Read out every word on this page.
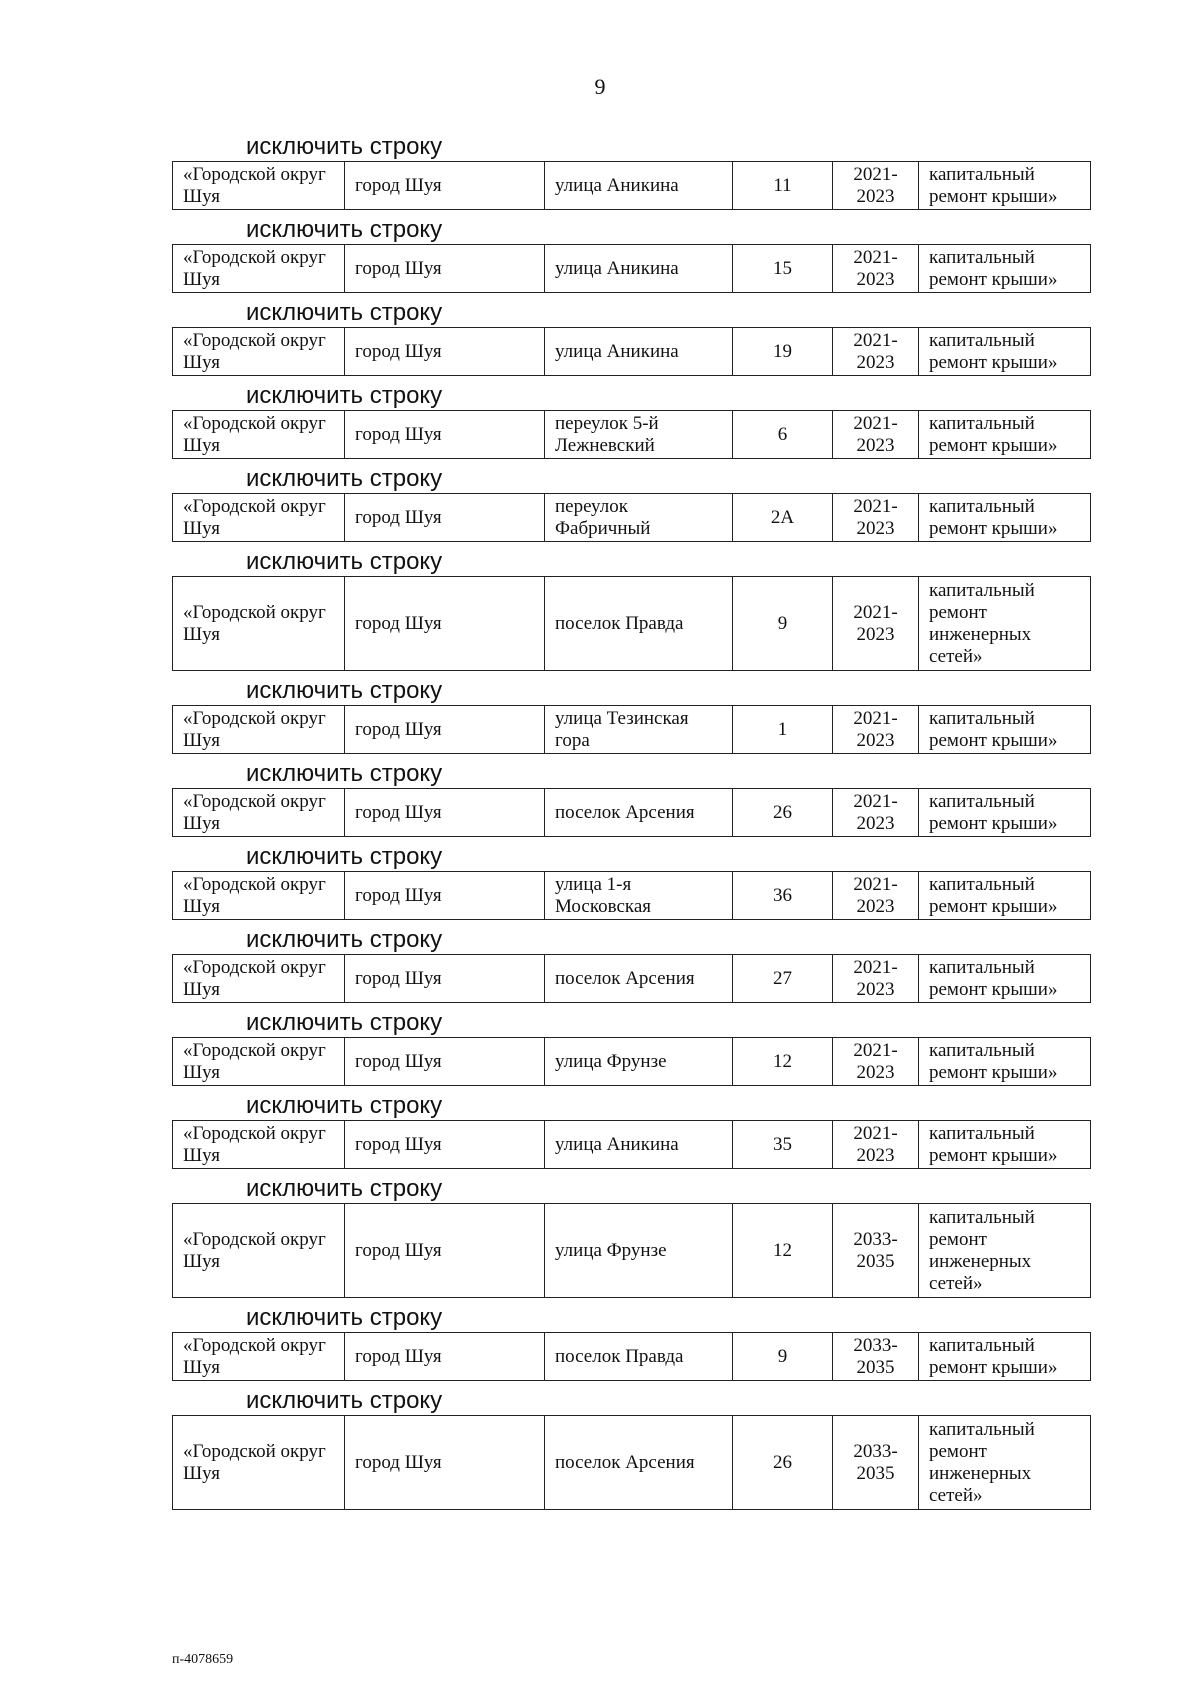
9
исключить строку
«Городской округ Шуя	город Шуя	улица Аникина	11	2021-2023	капитальный ремонт крыши»
исключить строку
«Городской округ Шуя	город Шуя	улица Аникина	15	2021-2023	капитальный ремонт крыши»
исключить строку
«Городской округ Шуя	город Шуя	улица Аникина	19	2021-2023	капитальный ремонт крыши»
исключить строку
«Городской округ Шуя	город Шуя	переулок 5-й Лежневский	6	2021-2023	капитальный ремонт крыши»
исключить строку
«Городской округ Шуя	город Шуя	переулок Фабричный	2А	2021-2023	капитальный ремонт крыши»
исключить строку
«Городской округ Шуя	город Шуя	поселок Правда	9	2021-2023	капитальный ремонт инженерных сетей»
исключить строку
«Городской округ Шуя	город Шуя	улица Тезинская гора	1	2021-2023	капитальный ремонт крыши»
исключить строку
«Городской округ Шуя	город Шуя	поселок Арсения	26	2021-2023	капитальный ремонт крыши»
исключить строку
«Городской округ Шуя	город Шуя	улица 1-я Московская	36	2021-2023	капитальный ремонт крыши»
исключить строку
«Городской округ Шуя	город Шуя	поселок Арсения	27	2021-2023	капитальный ремонт крыши»
исключить строку
«Городской округ Шуя	город Шуя	улица Фрунзе	12	2021-2023	капитальный ремонт крыши»
исключить строку
«Городской округ Шуя	город Шуя	улица Аникина	35	2021-2023	капитальный ремонт крыши»
исключить строку
«Городской округ Шуя	город Шуя	улица Фрунзе	12	2033-2035	капитальный ремонт инженерных сетей»
исключить строку
«Городской округ Шуя	город Шуя	поселок Правда	9	2033-2035	капитальный ремонт крыши»
исключить строку
«Городской округ Шуя	город Шуя	поселок Арсения	26	2033-2035	капитальный ремонт инженерных сетей»
п-4078659
